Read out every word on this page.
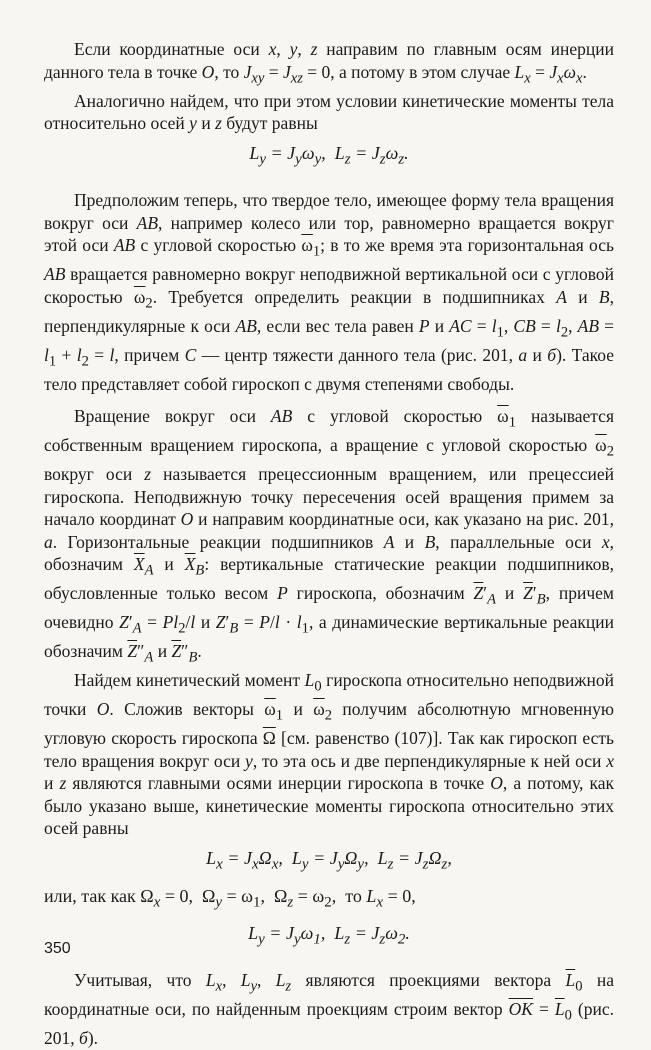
Если координатные оси x, y, z направим по главным осям инерции данного тела в точке O, то $J_{xy} = J_{xz} = 0$, а потому в этом случае $L_x = J_x\omega_x$.

Аналогично найдем, что при этом условии кинетические моменты тела относительно осей y и z будут равны

$L_y = J_y\omega_y$,  $L_z = J_z\omega_z$.

Предположим теперь, что твердое тело, имеющее форму тела вращения вокруг оси AB, например колесо или тор, равномерно вращается вокруг этой оси AB с угловой скоростью $\overline{\omega}_1$; в то же время эта горизонтальная ось AB вращается равномерно вокруг неподвижной вертикальной оси с угловой скоростью $\overline{\omega}_2$. Требуется определить реакции в подшипниках A и B, перпендикулярные к оси AB, если вес тела равен P и AC = $l_1$, CB = $l_2$, AB = $l_1 + l_2 = l$, причем C — центр тяжести данного тела (рис. 201, а и б). Такое тело представляет собой гироскоп с двумя степенями свободы.

Вращение вокруг оси AB с угловой скоростью $\overline{\omega}_1$ называется собственным вращением гироскопа, а вращение с угловой скоростью $\overline{\omega}_2$ вокруг оси z называется прецессионным вращением, или прецессией гироскопа. Неподвижную точку пересечения осей вращения примем за начало координат O и направим координатные оси, как указано на рис. 201, а. Горизонтальные реакции подшипников A и B, параллельные оси x, обозначим $\overline{X}_A$ и $\overline{X}_B$: вертикальные статические реакции подшипников, обусловленные только весом P гироскопа, обозначим $\overline{Z}'_A$ и $\overline{Z}'_B$, причем очевидно $Z'_A = Pl_2/l$ и $Z'_B = P/l \cdot l_1$, а динамические вертикальные реакции обозначим $\overline{Z}''_A$ и $\overline{Z}''_B$.

Найдем кинетический момент $L_0$ гироскопа относительно неподвижной точки O. Сложив векторы $\overline{\omega}_1$ и $\overline{\omega}_2$ получим абсолютную мгновенную угловую скорость гироскопа $\overline{\Omega}$ [см. равенство (107)]. Так как гироскоп есть тело вращения вокруг оси y, то эта ось и две перпендикулярные к ней оси x и z являются главными осями инерции гироскопа в точке O, а потому, как было указано выше, кинетические моменты гироскопа относительно этих осей равны

$L_x = J_x\Omega_x$,  $L_y = J_y\Omega_y$,  $L_z = J_z\Omega_z$,

или, так как $\Omega_x = 0$,  $\Omega_y = \omega_1$,  $\Omega_z = \omega_2$,  то $L_x = 0$,

$L_y = J_y\omega_1$,  $L_z = J_z\omega_2$.

Учитывая, что $L_x$, $L_y$, $L_z$ являются проекциями вектора $\overline{L}_0$ на координатные оси, по найденным проекциям строим вектор $\overline{OK} = \overline{L}_0$ (рис. 201, б).

350
